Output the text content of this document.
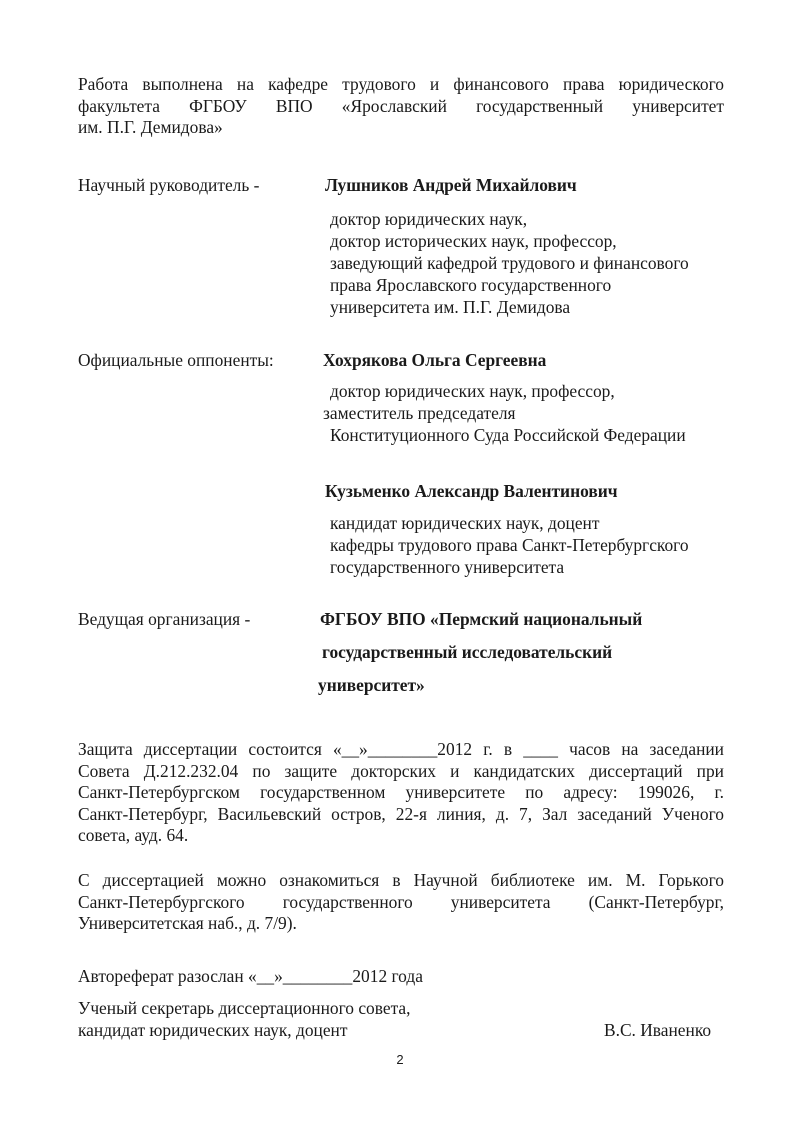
Работа выполнена на кафедре трудового и финансового права юридического
факультета ФГБОУ ВПО «Ярославский государственный университет
им. П.Г. Демидова»
Научный руководитель -	Лушников Андрей Михайлович
доктор юридических наук,
доктор исторических наук, профессор,
заведующий кафедрой трудового и финансового
права Ярославского государственного
университета им. П.Г. Демидова
Официальные оппоненты:	Хохрякова Ольга Сергеевна
доктор юридических наук, профессор,
заместитель председателя
Конституционного Суда Российской Федерации
Кузьменко Александр Валентинович
кандидат юридических наук, доцент
кафедры трудового права Санкт-Петербургского
государственного университета
Ведущая организация -	ФГБОУ ВПО «Пермский национальный
государственный исследовательский
университет»
Защита диссертации состоится «__»________2012 г. в ____ часов на заседании
Совета Д.212.232.04 по защите докторских и кандидатских диссертаций при
Санкт-Петербургском государственном университете по адресу: 199026, г.
Санкт-Петербург, Васильевский остров, 22-я линия, д. 7, Зал заседаний Ученого
совета, ауд. 64.
С диссертацией можно ознакомиться в Научной библиотеке им. М. Горького
Санкт-Петербургского государственного университета (Санкт-Петербург,
Университетская наб., д. 7/9).
Автореферат разослан «__»________2012 года
Ученый секретарь диссертационного совета,
кандидат юридических наук, доцент	В.С. Иваненко
2
